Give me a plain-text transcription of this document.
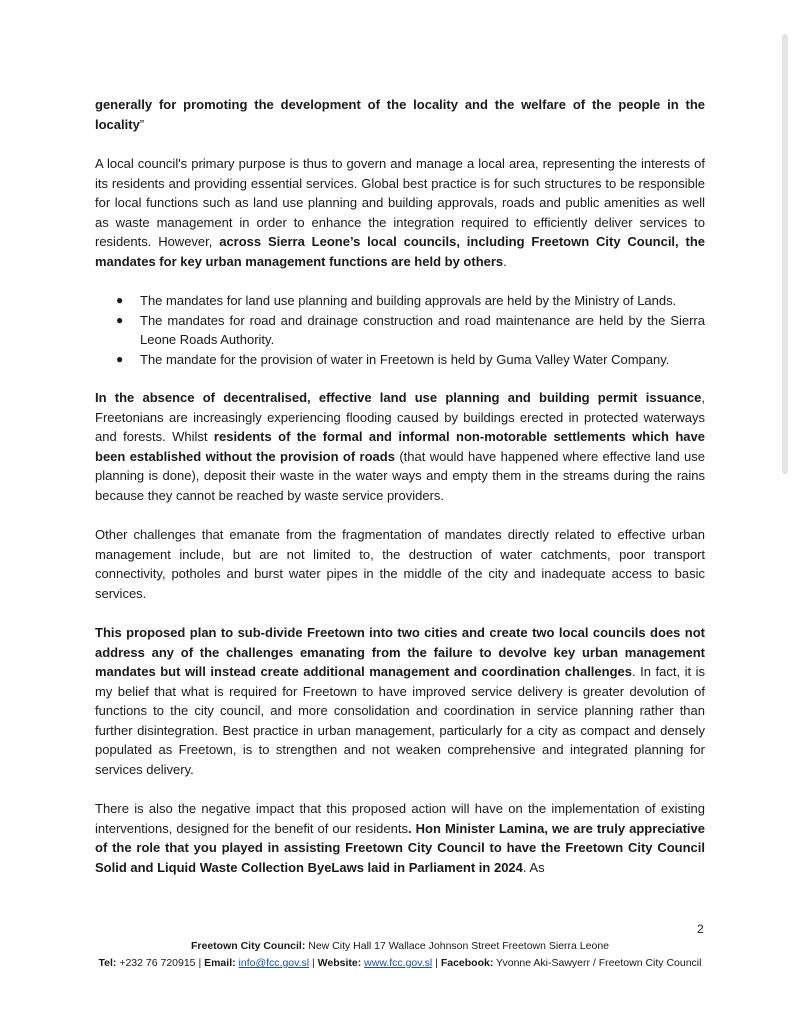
generally for promoting the development of the locality and the welfare of the people in the locality”

A local council's primary purpose is thus to govern and manage a local area, representing the interests of its residents and providing essential services. Global best practice is for such structures to be responsible for local functions such as land use planning and building approvals, roads and public amenities as well as waste management in order to enhance the integration required to efficiently deliver services to residents. However, across Sierra Leone’s local councils, including Freetown City Council, the mandates for key urban management functions are held by others.

● The mandates for land use planning and building approvals are held by the Ministry of Lands.
● The mandates for road and drainage construction and road maintenance are held by the Sierra Leone Roads Authority.
● The mandate for the provision of water in Freetown is held by Guma Valley Water Company.

In the absence of decentralised, effective land use planning and building permit issuance, Freetonians are increasingly experiencing flooding caused by buildings erected in protected waterways and forests. Whilst residents of the formal and informal non-motorable settlements which have been established without the provision of roads (that would have happened where effective land use planning is done), deposit their waste in the water ways and empty them in the streams during the rains because they cannot be reached by waste service providers.

Other challenges that emanate from the fragmentation of mandates directly related to effective urban management include, but are not limited to, the destruction of water catchments, poor transport connectivity, potholes and burst water pipes in the middle of the city and inadequate access to basic services.

This proposed plan to sub-divide Freetown into two cities and create two local councils does not address any of the challenges emanating from the failure to devolve key urban management mandates but will instead create additional management and coordination challenges. In fact, it is my belief that what is required for Freetown to have improved service delivery is greater devolution of functions to the city council, and more consolidation and coordination in service planning rather than further disintegration. Best practice in urban management, particularly for a city as compact and densely populated as Freetown, is to strengthen and not weaken comprehensive and integrated planning for services delivery.

There is also the negative impact that this proposed action will have on the implementation of existing interventions, designed for the benefit of our residents. Hon Minister Lamina, we are truly appreciative of the role that you played in assisting Freetown City Council to have the Freetown City Council Solid and Liquid Waste Collection ByeLaws laid in Parliament in 2024. As

2
Freetown City Council: New City Hall 17 Wallace Johnson Street Freetown Sierra Leone
Tel: +232 76 720915 | Email: info@fcc.gov.sl | Website: www.fcc.gov.sl | Facebook: Yvonne Aki-Sawyerr / Freetown City Council
